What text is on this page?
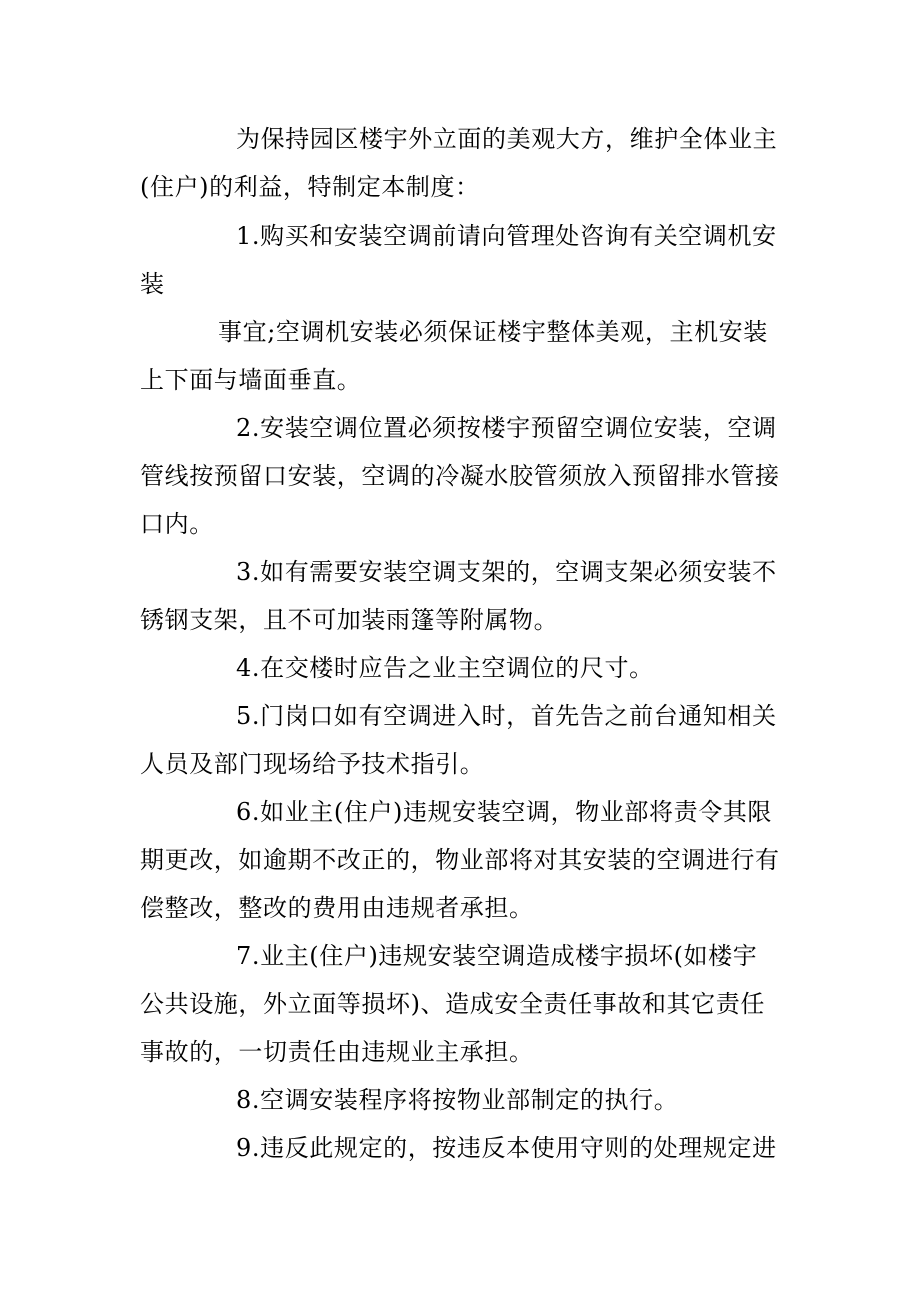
为保持园区楼宇外立面的美观大方，维护全体业主
(住户)的利益，特制定本制度：
1.购买和安装空调前请向管理处咨询有关空调机安
装
事宜;空调机安装必须保证楼宇整体美观，主机安装
上下面与墙面垂直。
2.安装空调位置必须按楼宇预留空调位安装，空调
管线按预留口安装，空调的冷凝水胶管须放入预留排水管接
口内。
3.如有需要安装空调支架的，空调支架必须安装不
锈钢支架，且不可加装雨篷等附属物。
4.在交楼时应告之业主空调位的尺寸。
5.门岗口如有空调进入时，首先告之前台通知相关
人员及部门现场给予技术指引。
6.如业主(住户)违规安装空调，物业部将责令其限
期更改，如逾期不改正的，物业部将对其安装的空调进行有
偿整改，整改的费用由违规者承担。
7.业主(住户)违规安装空调造成楼宇损坏(如楼宇
公共设施，外立面等损坏)、造成安全责任事故和其它责任
事故的，一切责任由违规业主承担。
8.空调安装程序将按物业部制定的执行。
9.违反此规定的，按违反本使用守则的处理规定进
